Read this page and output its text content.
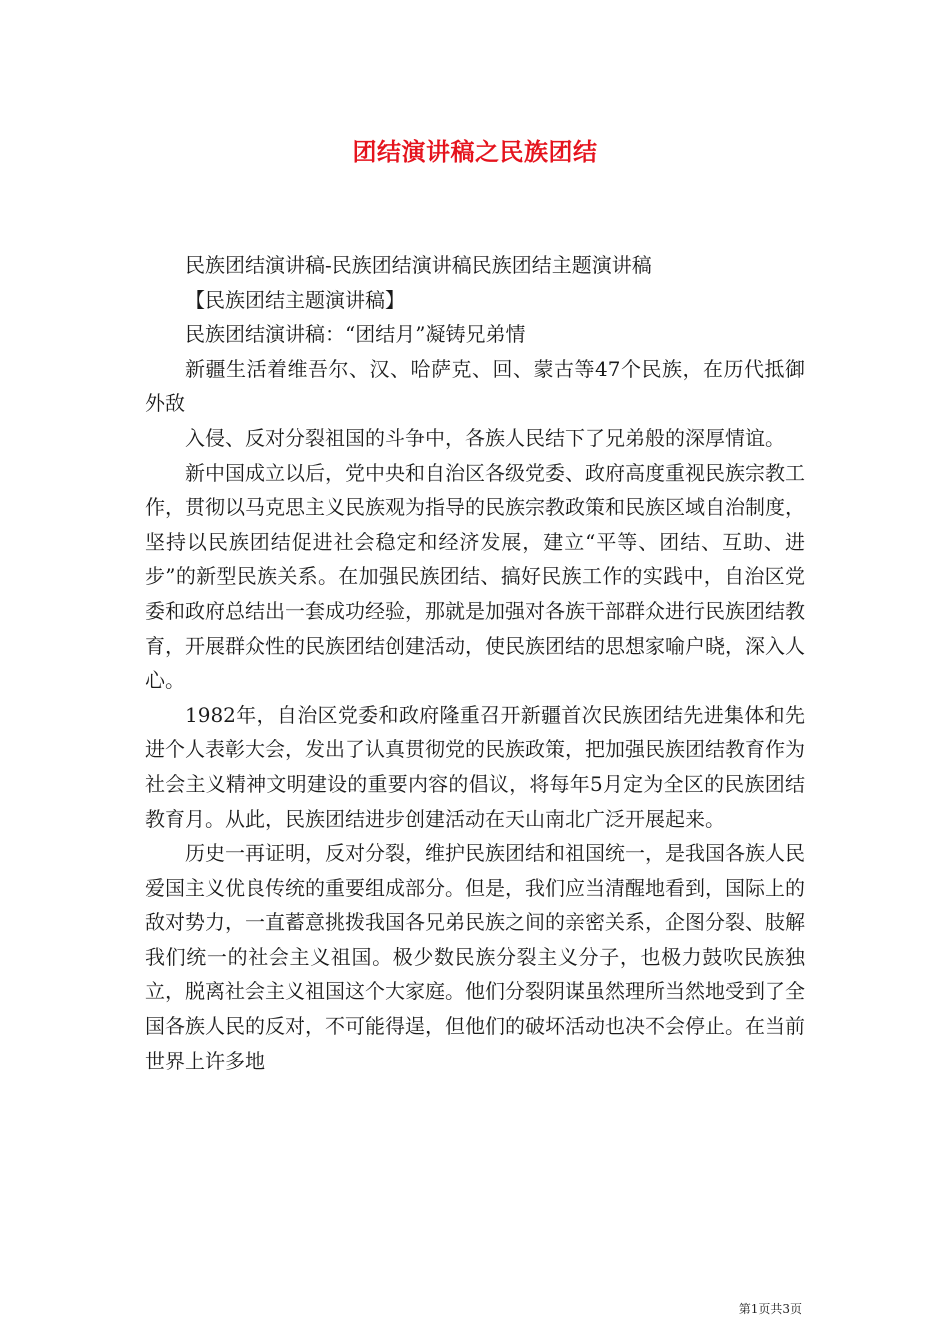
团结演讲稿之民族团结

民族团结演讲稿-民族团结演讲稿民族团结主题演讲稿

【民族团结主题演讲稿】

民族团结演讲稿：“团结月”凝铸兄弟情

新疆生活着维吾尔、汉、哈萨克、回、蒙古等47个民族，在历代抵御外敌

入侵、反对分裂祖国的斗争中，各族人民结下了兄弟般的深厚情谊。

新中国成立以后，党中央和自治区各级党委、政府高度重视民族宗教工作，贯彻以马克思主义民族观为指导的民族宗教政策和民族区域自治制度，坚持以民族团结促进社会稳定和经济发展，建立“平等、团结、互助、进步”的新型民族关系。在加强民族团结、搞好民族工作的实践中，自治区党委和政府总结出一套成功经验，那就是加强对各族干部群众进行民族团结教育，开展群众性的民族团结创建活动，使民族团结的思想家喻户晓，深入人心。

1982年，自治区党委和政府隆重召开新疆首次民族团结先进集体和先进个人表彰大会，发出了认真贯彻党的民族政策，把加强民族团结教育作为社会主义精神文明建设的重要内容的倡议，将每年5月定为全区的民族团结教育月。从此，民族团结进步创建活动在天山南北广泛开展起来。

历史一再证明，反对分裂，维护民族团结和祖国统一，是我国各族人民爱国主义优良传统的重要组成部分。但是，我们应当清醒地看到，国际上的敌对势力，一直蓄意挑拨我国各兄弟民族之间的亲密关系，企图分裂、肢解我们统一的社会主义祖国。极少数民族分裂主义分子，也极力鼓吹民族独立，脱离社会主义祖国这个大家庭。他们分裂阴谋虽然理所当然地受到了全国各族人民的反对，不可能得逞，但他们的破坏活动也决不会停止。在当前世界上许多地

第1页共3页
